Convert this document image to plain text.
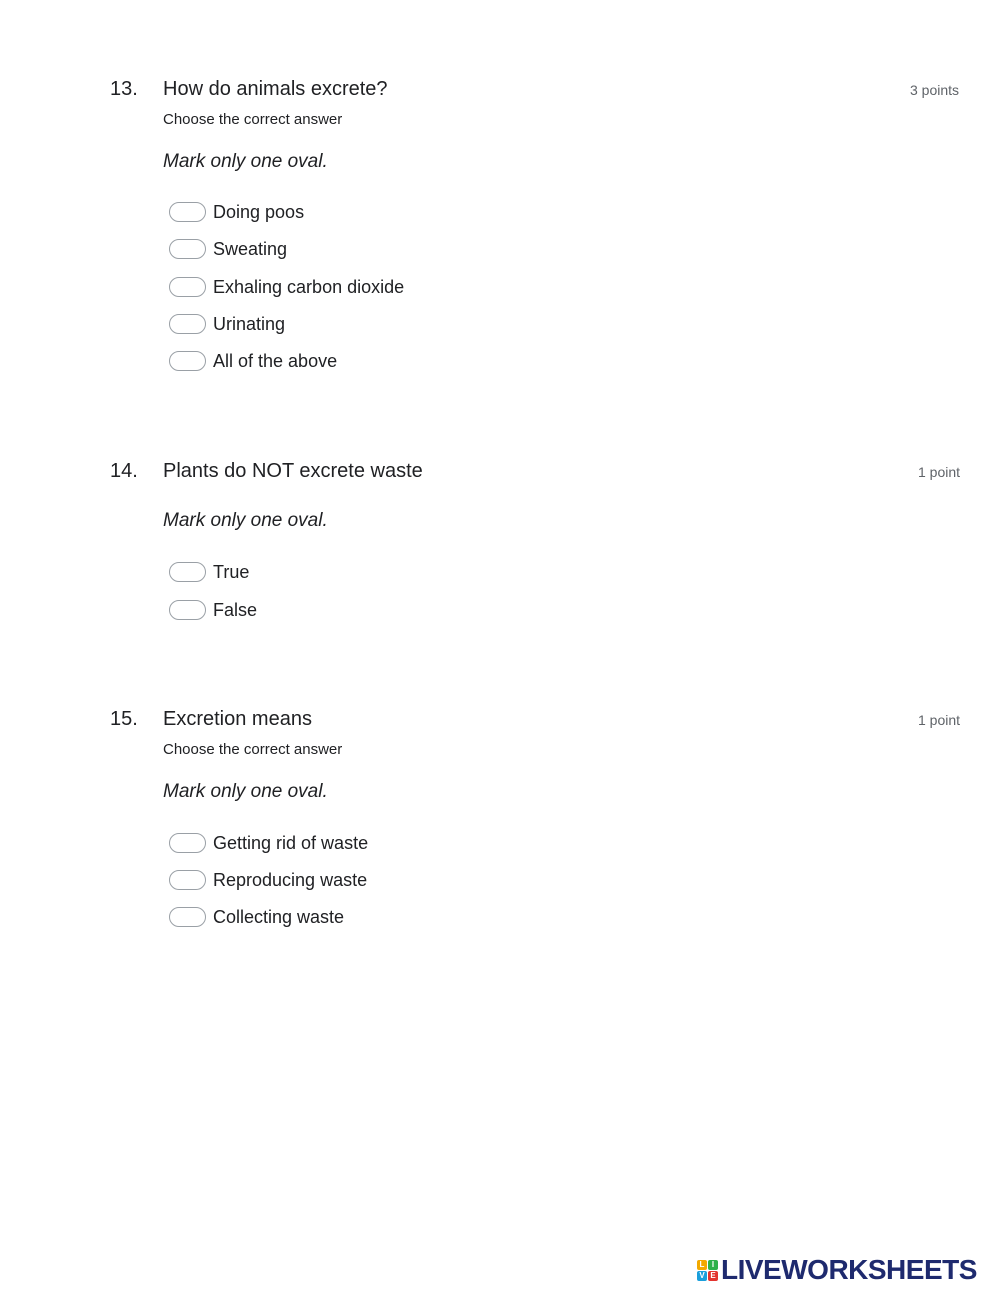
13. How do animals excrete?	3 points
Choose the correct answer
Mark only one oval.
Doing poos
Sweating
Exhaling carbon dioxide
Urinating
All of the above
14. Plants do NOT excrete waste	1 point
Mark only one oval.
True
False
15. Excretion means	1 point
Choose the correct answer
Mark only one oval.
Getting rid of waste
Reproducing waste
Collecting waste
L I
V E LIVEWORKSHEETS
